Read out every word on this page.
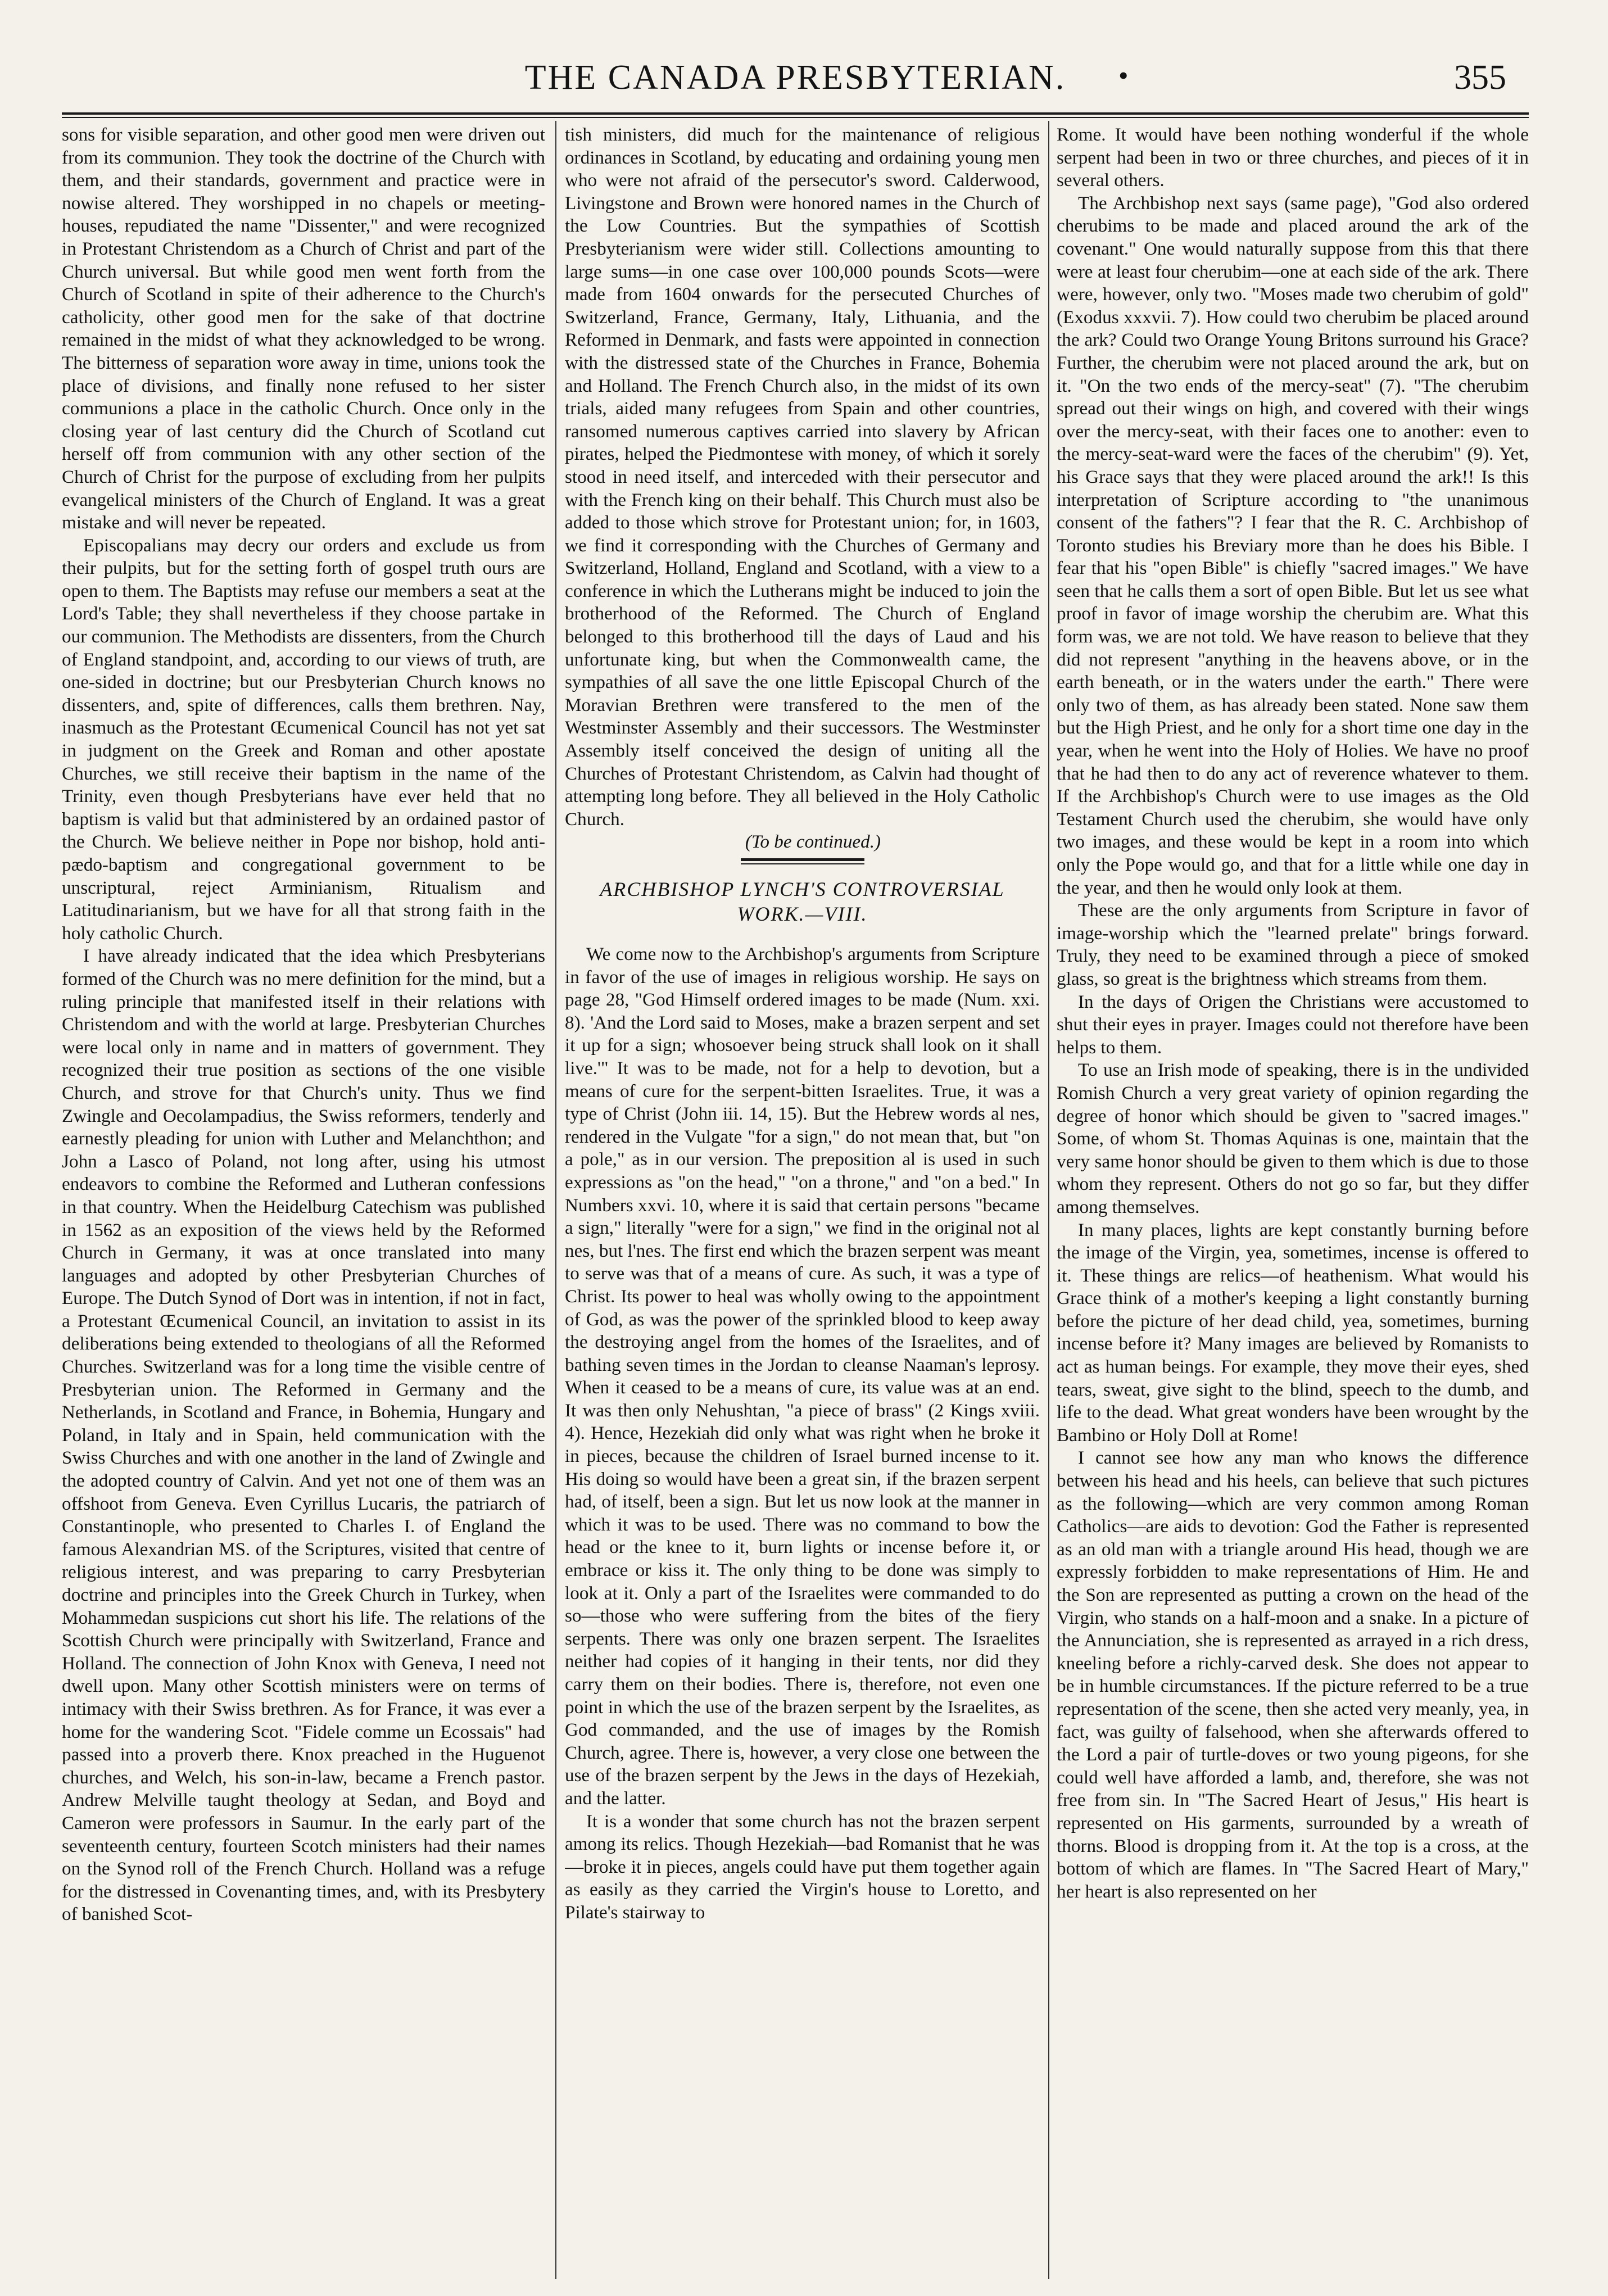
THE CANADA PRESBYTERIAN.	•	355

sons for visible separation, and other good men were driven out from its communion. They took the doctrine of the Church with them, and their standards, government and practice were in nowise altered. They worshipped in no chapels or meeting-houses, repudiated the name "Dissenter," and were recognized in Protestant Christendom as a Church of Christ and part of the Church universal. But while good men went forth from the Church of Scotland in spite of their adherence to the Church's catholicity, other good men for the sake of that doctrine remained in the midst of what they acknowledged to be wrong. The bitterness of separation wore away in time, unions took the place of divisions, and finally none refused to her sister communions a place in the catholic Church. Once only in the closing year of last century did the Church of Scotland cut herself off from communion with any other section of the Church of Christ for the purpose of excluding from her pulpits evangelical ministers of the Church of England. It was a great mistake and will never be repeated.

Episcopalians may decry our orders and exclude us from their pulpits, but for the setting forth of gospel truth ours are open to them. The Baptists may refuse our members a seat at the Lord's Table; they shall nevertheless if they choose partake in our communion. The Methodists are dissenters, from the Church of England standpoint, and, according to our views of truth, are one-sided in doctrine; but our Presbyterian Church knows no dissenters, and, spite of differences, calls them brethren. Nay, inasmuch as the Protestant Œcumenical Council has not yet sat in judgment on the Greek and Roman and other apostate Churches, we still receive their baptism in the name of the Trinity, even though Presbyterians have ever held that no baptism is valid but that administered by an ordained pastor of the Church. We believe neither in Pope nor bishop, hold anti-pædo-baptism and congregational government to be unscriptural, reject Arminianism, Ritualism and Latitudinarianism, but we have for all that strong faith in the holy catholic Church.

I have already indicated that the idea which Presbyterians formed of the Church was no mere definition for the mind, but a ruling principle that manifested itself in their relations with Christendom and with the world at large. Presbyterian Churches were local only in name and in matters of government. They recognized their true position as sections of the one visible Church, and strove for that Church's unity. Thus we find Zwingle and Oecolampadius, the Swiss reformers, tenderly and earnestly pleading for union with Luther and Melanchthon; and John a Lasco of Poland, not long after, using his utmost endeavors to combine the Reformed and Lutheran confessions in that country. When the Heidelburg Catechism was published in 1562 as an exposition of the views held by the Reformed Church in Germany, it was at once translated into many languages and adopted by other Presbyterian Churches of Europe. The Dutch Synod of Dort was in intention, if not in fact, a Protestant Œcumenical Council, an invitation to assist in its deliberations being extended to theologians of all the Reformed Churches. Switzerland was for a long time the visible centre of Presbyterian union. The Reformed in Germany and the Netherlands, in Scotland and France, in Bohemia, Hungary and Poland, in Italy and in Spain, held communication with the Swiss Churches and with one another in the land of Zwingle and the adopted country of Calvin. And yet not one of them was an offshoot from Geneva. Even Cyrillus Lucaris, the patriarch of Constantinople, who presented to Charles I. of England the famous Alexandrian MS. of the Scriptures, visited that centre of religious interest, and was preparing to carry Presbyterian doctrine and principles into the Greek Church in Turkey, when Mohammedan suspicions cut short his life. The relations of the Scottish Church were principally with Switzerland, France and Holland. The connection of John Knox with Geneva, I need not dwell upon. Many other Scottish ministers were on terms of intimacy with their Swiss brethren. As for France, it was ever a home for the wandering Scot. "Fidele comme un Ecossais" had passed into a proverb there. Knox preached in the Huguenot churches, and Welch, his son-in-law, became a French pastor. Andrew Melville taught theology at Sedan, and Boyd and Cameron were professors in Saumur. In the early part of the seventeenth century, fourteen Scotch ministers had their names on the Synod roll of the French Church. Holland was a refuge for the distressed in Covenanting times, and, with its Presbytery of banished Scot-

tish ministers, did much for the maintenance of religious ordinances in Scotland, by educating and ordaining young men who were not afraid of the persecutor's sword. Calderwood, Livingstone and Brown were honored names in the Church of the Low Countries. But the sympathies of Scottish Presbyterianism were wider still. Collections amounting to large sums—in one case over 100,000 pounds Scots—were made from 1604 onwards for the persecuted Churches of Switzerland, France, Germany, Italy, Lithuania, and the Reformed in Denmark, and fasts were appointed in connection with the distressed state of the Churches in France, Bohemia and Holland. The French Church also, in the midst of its own trials, aided many refugees from Spain and other countries, ransomed numerous captives carried into slavery by African pirates, helped the Piedmontese with money, of which it sorely stood in need itself, and interceded with their persecutor and with the French king on their behalf. This Church must also be added to those which strove for Protestant union; for, in 1603, we find it corresponding with the Churches of Germany and Switzerland, Holland, England and Scotland, with a view to a conference in which the Lutherans might be induced to join the brotherhood of the Reformed. The Church of England belonged to this brotherhood till the days of Laud and his unfortunate king, but when the Commonwealth came, the sympathies of all save the one little Episcopal Church of the Moravian Brethren were transfered to the men of the Westminster Assembly and their successors. The Westminster Assembly itself conceived the design of uniting all the Churches of Protestant Christendom, as Calvin had thought of attempting long before. They all believed in the Holy Catholic Church.

(To be continued.)

ARCHBISHOP LYNCH'S CONTROVERSIAL WORK.—VIII.

We come now to the Archbishop's arguments from Scripture in favor of the use of images in religious worship. He says on page 28, "God Himself ordered images to be made (Num. xxi. 8). 'And the Lord said to Moses, make a brazen serpent and set it up for a sign; whosoever being struck shall look on it shall live.'" It was to be made, not for a help to devotion, but a means of cure for the serpent-bitten Israelites. True, it was a type of Christ (John iii. 14, 15). But the Hebrew words al nes, rendered in the Vulgate "for a sign," do not mean that, but "on a pole," as in our version. The preposition al is used in such expressions as "on the head," "on a throne," and "on a bed." In Numbers xxvi. 10, where it is said that certain persons "became a sign," literally "were for a sign," we find in the original not al nes, but l'nes. The first end which the brazen serpent was meant to serve was that of a means of cure. As such, it was a type of Christ. Its power to heal was wholly owing to the appointment of God, as was the power of the sprinkled blood to keep away the destroying angel from the homes of the Israelites, and of bathing seven times in the Jordan to cleanse Naaman's leprosy. When it ceased to be a means of cure, its value was at an end. It was then only Nehushtan, "a piece of brass" (2 Kings xviii. 4). Hence, Hezekiah did only what was right when he broke it in pieces, because the children of Israel burned incense to it. His doing so would have been a great sin, if the brazen serpent had, of itself, been a sign. But let us now look at the manner in which it was to be used. There was no command to bow the head or the knee to it, burn lights or incense before it, or embrace or kiss it. The only thing to be done was simply to look at it. Only a part of the Israelites were commanded to do so—those who were suffering from the bites of the fiery serpents. There was only one brazen serpent. The Israelites neither had copies of it hanging in their tents, nor did they carry them on their bodies. There is, therefore, not even one point in which the use of the brazen serpent by the Israelites, as God commanded, and the use of images by the Romish Church, agree. There is, however, a very close one between the use of the brazen serpent by the Jews in the days of Hezekiah, and the latter.

It is a wonder that some church has not the brazen serpent among its relics. Though Hezekiah—bad Romanist that he was—broke it in pieces, angels could have put them together again as easily as they carried the Virgin's house to Loretto, and Pilate's stairway to

Rome. It would have been nothing wonderful if the whole serpent had been in two or three churches, and pieces of it in several others.

The Archbishop next says (same page), "God also ordered cherubims to be made and placed around the ark of the covenant." One would naturally suppose from this that there were at least four cherubim—one at each side of the ark. There were, however, only two. "Moses made two cherubim of gold" (Exodus xxxvii. 7). How could two cherubim be placed around the ark? Could two Orange Young Britons surround his Grace? Further, the cherubim were not placed around the ark, but on it. "On the two ends of the mercy-seat" (7). "The cherubim spread out their wings on high, and covered with their wings over the mercy-seat, with their faces one to another: even to the mercy-seat-ward were the faces of the cherubim" (9). Yet, his Grace says that they were placed around the ark!! Is this interpretation of Scripture according to "the unanimous consent of the fathers"? I fear that the R. C. Archbishop of Toronto studies his Breviary more than he does his Bible. I fear that his "open Bible" is chiefly "sacred images." We have seen that he calls them a sort of open Bible. But let us see what proof in favor of image worship the cherubim are. What this form was, we are not told. We have reason to believe that they did not represent "anything in the heavens above, or in the earth beneath, or in the waters under the earth." There were only two of them, as has already been stated. None saw them but the High Priest, and he only for a short time one day in the year, when he went into the Holy of Holies. We have no proof that he had then to do any act of reverence whatever to them. If the Archbishop's Church were to use images as the Old Testament Church used the cherubim, she would have only two images, and these would be kept in a room into which only the Pope would go, and that for a little while one day in the year, and then he would only look at them.

These are the only arguments from Scripture in favor of image-worship which the "learned prelate" brings forward. Truly, they need to be examined through a piece of smoked glass, so great is the brightness which streams from them.

In the days of Origen the Christians were accustomed to shut their eyes in prayer. Images could not therefore have been helps to them.

To use an Irish mode of speaking, there is in the undivided Romish Church a very great variety of opinion regarding the degree of honor which should be given to "sacred images." Some, of whom St. Thomas Aquinas is one, maintain that the very same honor should be given to them which is due to those whom they represent. Others do not go so far, but they differ among themselves.

In many places, lights are kept constantly burning before the image of the Virgin, yea, sometimes, incense is offered to it. These things are relics—of heathenism. What would his Grace think of a mother's keeping a light constantly burning before the picture of her dead child, yea, sometimes, burning incense before it? Many images are believed by Romanists to act as human beings. For example, they move their eyes, shed tears, sweat, give sight to the blind, speech to the dumb, and life to the dead. What great wonders have been wrought by the Bambino or Holy Doll at Rome!

I cannot see how any man who knows the difference between his head and his heels, can believe that such pictures as the following—which are very common among Roman Catholics—are aids to devotion: God the Father is represented as an old man with a triangle around His head, though we are expressly forbidden to make representations of Him. He and the Son are represented as putting a crown on the head of the Virgin, who stands on a half-moon and a snake. In a picture of the Annunciation, she is represented as arrayed in a rich dress, kneeling before a richly-carved desk. She does not appear to be in humble circumstances. If the picture referred to be a true representation of the scene, then she acted very meanly, yea, in fact, was guilty of falsehood, when she afterwards offered to the Lord a pair of turtle-doves or two young pigeons, for she could well have afforded a lamb, and, therefore, she was not free from sin. In "The Sacred Heart of Jesus," His heart is represented on His garments, surrounded by a wreath of thorns. Blood is dropping from it. At the top is a cross, at the bottom of which are flames. In "The Sacred Heart of Mary," her heart is also represented on her
